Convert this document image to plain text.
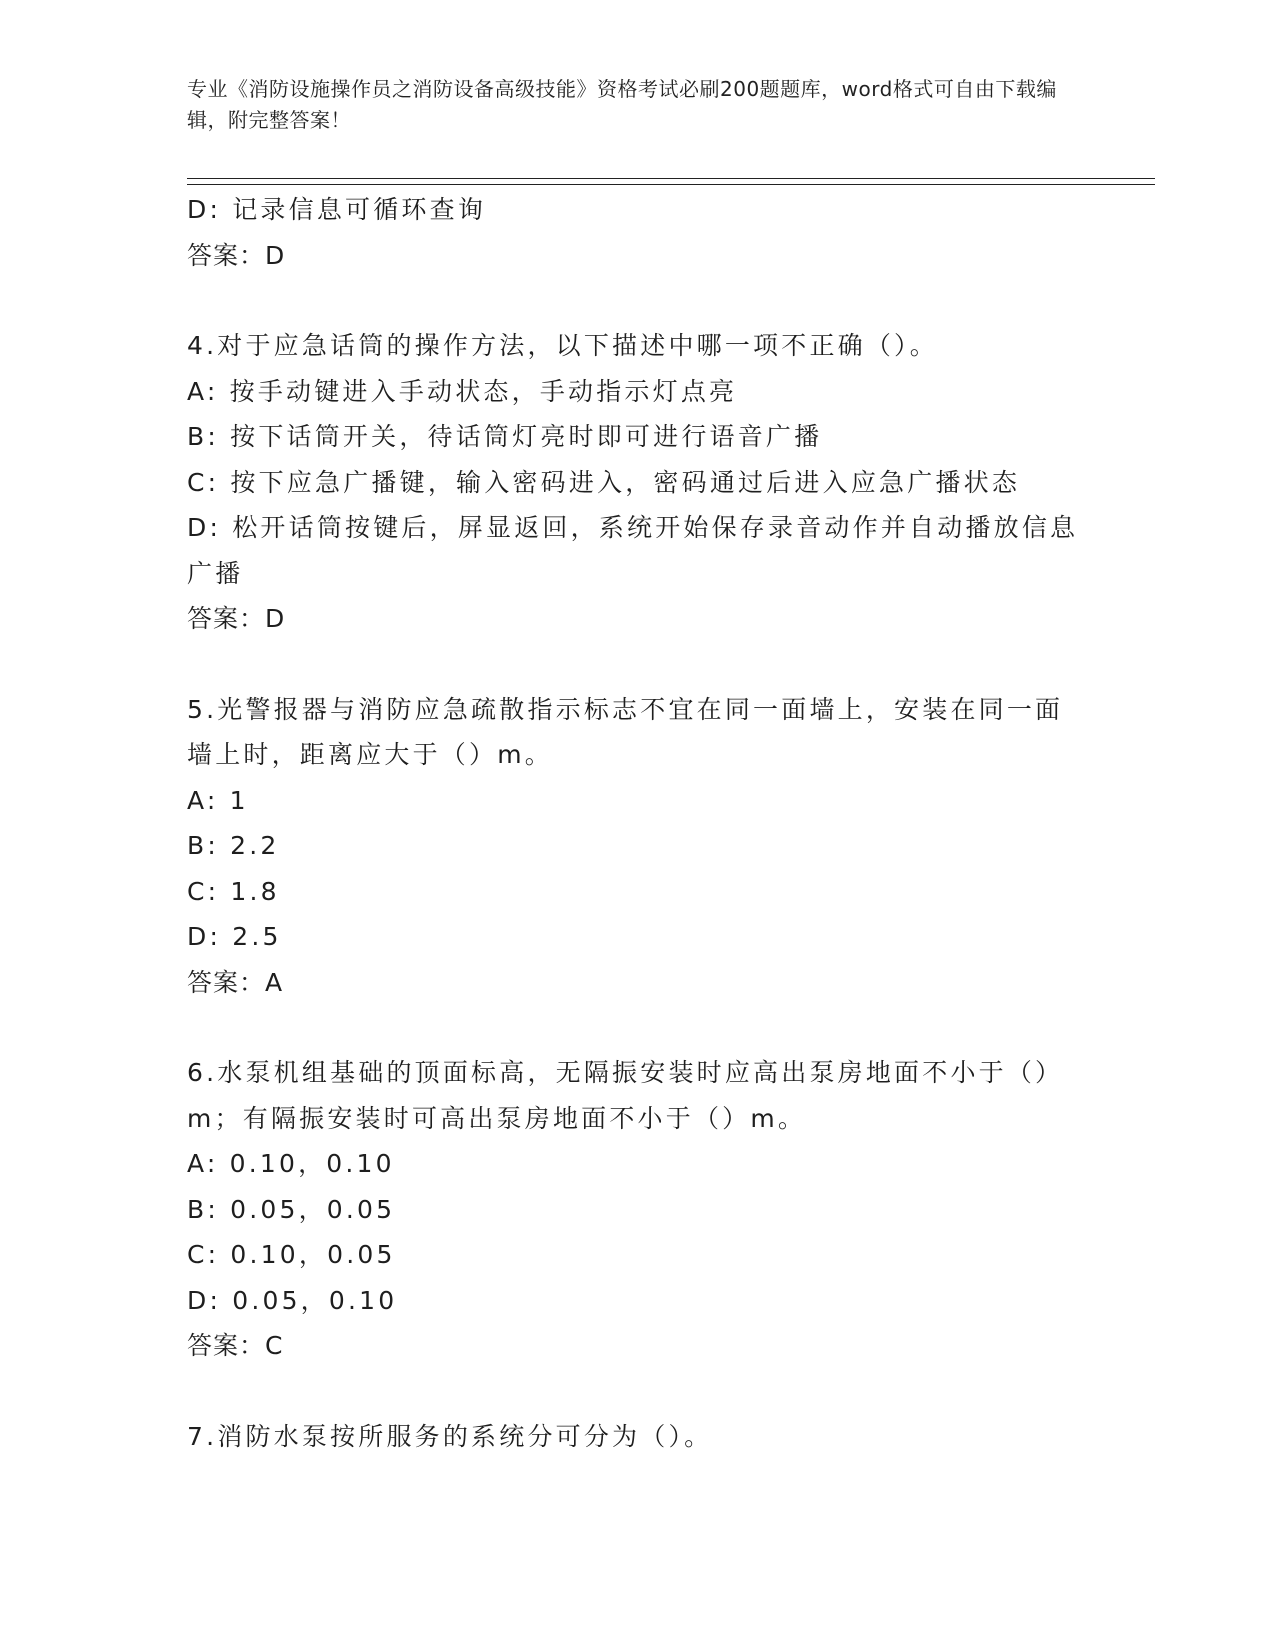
专业《消防设施操作员之消防设备高级技能》资格考试必刷200题题库，word格式可自由下载编辑，附完整答案！
D: 记录信息可循环查询
答案：D
4.对于应急话筒的操作方法，以下描述中哪一项不正确（）。
A: 按手动键进入手动状态，手动指示灯点亮
B: 按下话筒开关，待话筒灯亮时即可进行语音广播
C: 按下应急广播键，输入密码进入，密码通过后进入应急广播状态
D: 松开话筒按键后，屏显返回，系统开始保存录音动作并自动播放信息广播
答案：D
5.光警报器与消防应急疏散指示标志不宜在同一面墙上，安装在同一面墙上时，距离应大于（）m。
A: 1
B: 2.2
C: 1.8
D: 2.5
答案：A
6.水泵机组基础的顶面标高，无隔振安装时应高出泵房地面不小于（）m；有隔振安装时可高出泵房地面不小于（）m。
A: 0.10，0.10
B: 0.05，0.05
C: 0.10，0.05
D: 0.05，0.10
答案：C
7.消防水泵按所服务的系统分可分为（）。
